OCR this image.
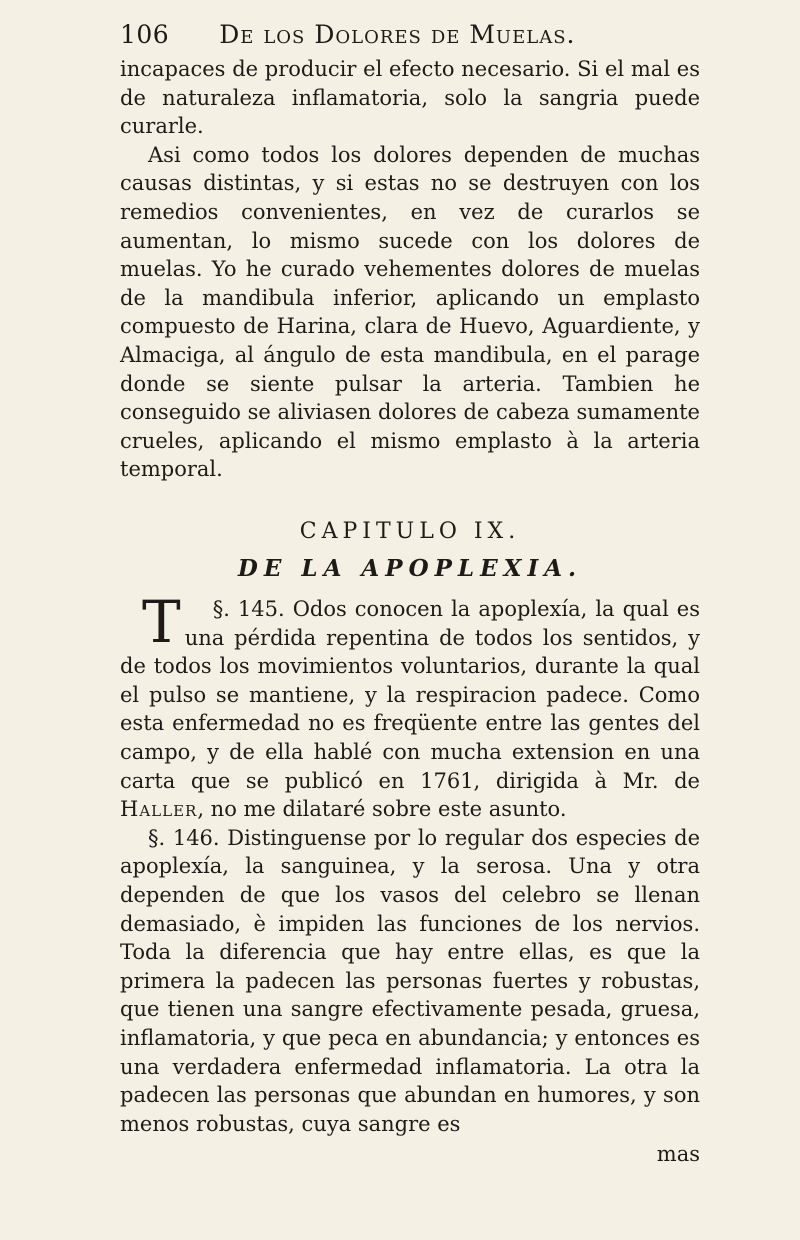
106 De los Dolores de Muelas.

incapaces de producir el efecto necesario. Si el mal es de naturaleza inflamatoria, solo la sangria puede curarle.

Asi como todos los dolores dependen de muchas causas distintas, y si estas no se destruyen con los remedios convenientes, en vez de curarlos se aumentan, lo mismo sucede con los dolores de muelas. Yo he curado vehementes dolores de muelas de la mandibula inferior, aplicando un emplasto compuesto de Harina, clara de Huevo, Aguardiente, y Almaciga, al ángulo de esta mandibula, en el parage donde se siente pulsar la arteria. Tambien he conseguido se aliviasen dolores de cabeza sumamente crueles, aplicando el mismo emplasto à la arteria temporal.

CAPITULO IX.
DE LA APOPLEXIA.

T §. 145. Odos conocen la apoplexía, la qual es una pérdida repentina de todos los sentidos, y de todos los movimientos voluntarios, durante la qual el pulso se mantiene, y la respiracion padece. Como esta enfermedad no es freqüente entre las gentes del campo, y de ella hablé con mucha extension en una carta que se publicó en 1761, dirigida à Mr. de Haller, no me dilataré sobre este asunto.

§. 146. Distinguense por lo regular dos especies de apoplexía, la sanguinea, y la serosa. Una y otra dependen de que los vasos del celebro se llenan demasiado, è impiden las funciones de los nervios. Toda la diferencia que hay entre ellas, es que la primera la padecen las personas fuertes y robustas, que tienen una sangre efectivamente pesada, gruesa, inflamatoria, y que peca en abundancia; y entonces es una verdadera enfermedad inflamatoria. La otra la padecen las personas que abundan en humores, y son menos robustas, cuya sangre es

mas
